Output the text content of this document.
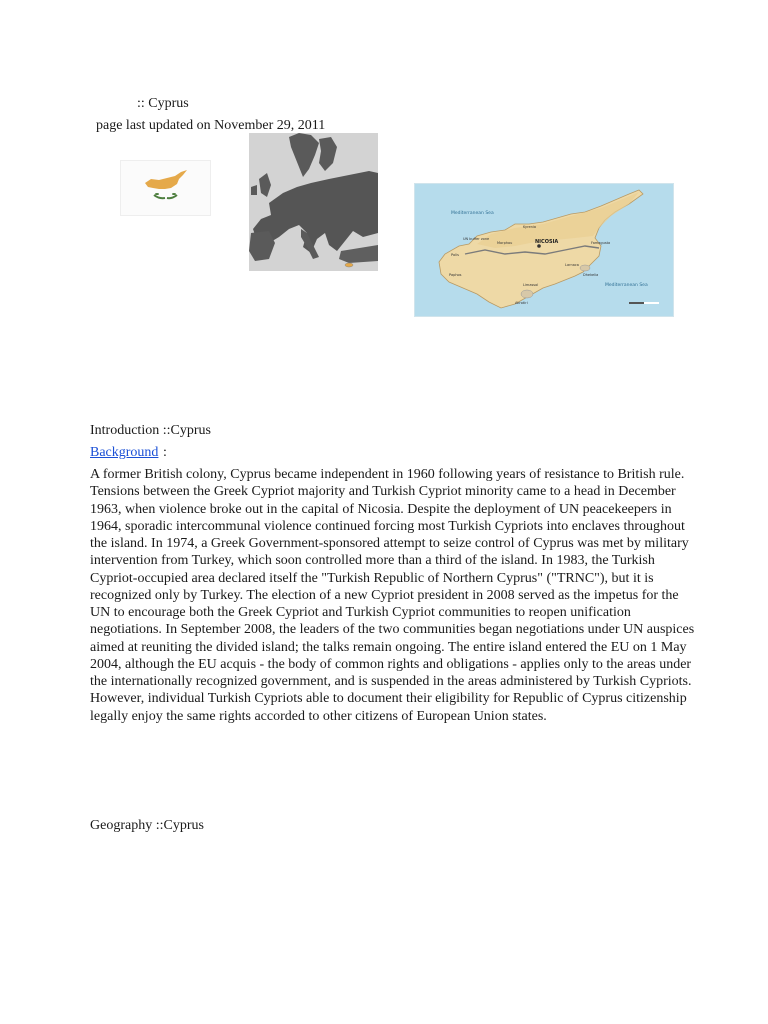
:: Cyprus
page last updated on November 29, 2011
NICOSIA
Mediterranean Sea
Mediterranean Sea
UN buffer zone
Kyrenia
Morphou	Famagusta
Larnaca
Limassol
Paphos
Polis
Dhekelia
Akrotiri
Introduction ::Cyprus
Background :

A former British colony, Cyprus became independent in 1960 following years of resistance to British rule. Tensions between the Greek Cypriot majority and Turkish Cypriot minority came to a head in December 1963, when violence broke out in the capital of Nicosia. Despite the deployment of UN peacekeepers in 1964, sporadic intercommunal violence continued forcing most Turkish Cypriots into enclaves throughout the island. In 1974, a Greek Government-sponsored attempt to seize control of Cyprus was met by military intervention from Turkey, which soon controlled more than a third of the island. In 1983, the Turkish Cypriot-occupied area declared itself the "Turkish Republic of Northern Cyprus" ("TRNC"), but it is recognized only by Turkey. The election of a new Cypriot president in 2008 served as the impetus for the UN to encourage both the Greek Cypriot and Turkish Cypriot communities to reopen unification negotiations. In September 2008, the leaders of the two communities began negotiations under UN auspices aimed at reuniting the divided island; the talks remain ongoing. The entire island entered the EU on 1 May 2004, although the EU acquis - the body of common rights and obligations - applies only to the areas under the internationally recognized government, and is suspended in the areas administered by Turkish Cypriots. However, individual Turkish Cypriots able to document their eligibility for Republic of Cyprus citizenship legally enjoy the same rights accorded to other citizens of European Union states.

Geography ::Cyprus
